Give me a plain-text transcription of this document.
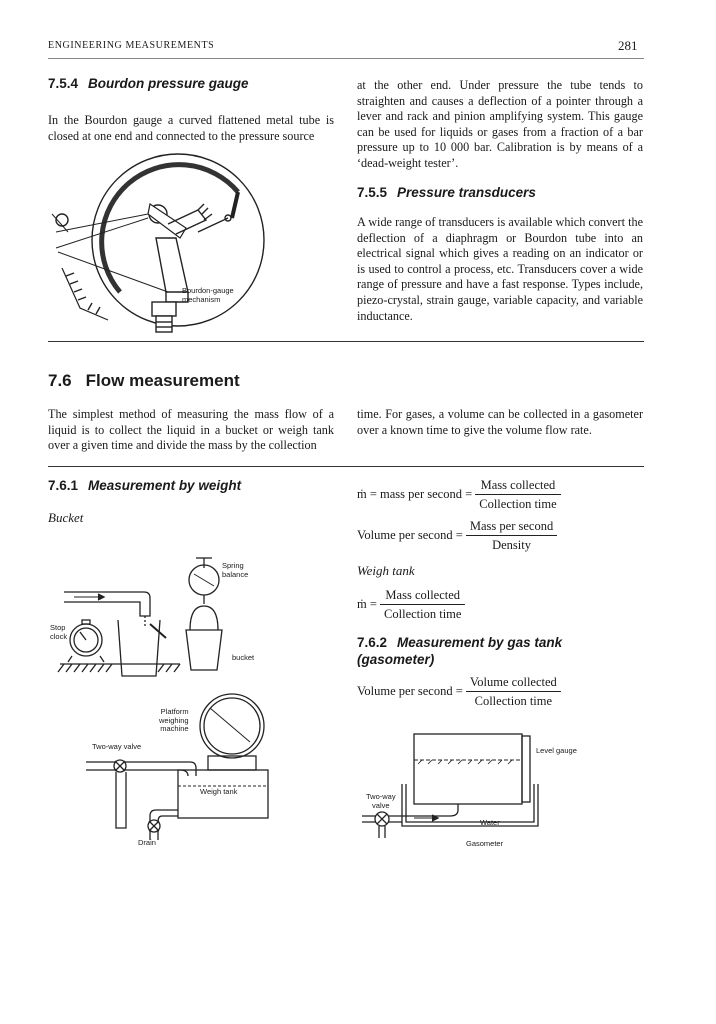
ENGINEERING MEASUREMENTS	281
7.5.4 Bourdon pressure gauge
In the Bourdon gauge a curved flattened metal tube is closed at one end and connected to the pressure source
Bourdon-gauge
mechanism
at the other end. Under pressure the tube tends to straighten and causes a deflection of a pointer through a lever and rack and pinion amplifying system. This gauge can be used for liquids or gases from a fraction of a bar pressure up to 10 000 bar. Calibration is by means of a ‘dead-weight tester’.
7.5.5 Pressure transducers
A wide range of transducers is available which convert the deflection of a diaphragm or Bourdon tube into an electrical signal which gives a reading on an indicator or is used to control a process, etc. Transducers cover a wide range of pressure and have a fast response. Types include, piezo-crystal, strain gauge, variable capacity, and variable inductance.
7.6 Flow measurement
The simplest method of measuring the mass flow of a liquid is to collect the liquid in a bucket or weigh tank over a given time and divide the mass by the collection
time. For gases, a volume can be collected in a gasometer over a known time to give the volume flow rate.
7.6.1 Measurement by weight
Bucket
Spring
balance
Stop
clock
bucket
Platform
weighing
machine
Two-way valve
Weigh tank
Drain
ṁ = mass per second = $\frac{\text{Mass collected}}{\text{Collection time}}$
Volume per second = $\frac{\text{Mass per second}}{\text{Density}}$
Weigh tank
ṁ = $\frac{\text{Mass collected}}{\text{Collection time}}$
7.6.2 Measurement by gas tank
(gasometer)
Volume per second = $\frac{\text{Volume collected}}{\text{Collection time}}$
Level gauge
Two-way
valve
Water
Gasometer
